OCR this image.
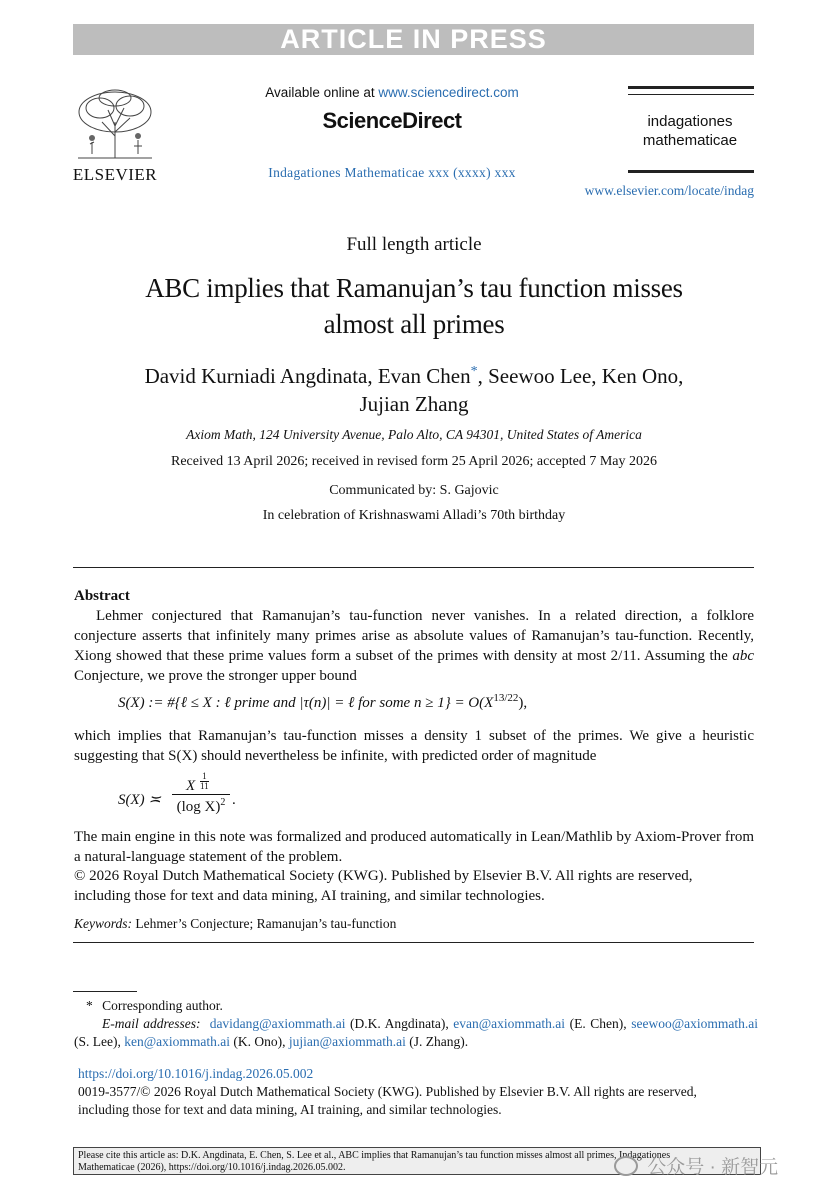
ARTICLE IN PRESS
ELSEVIER
Available online at www.sciencedirect.com
ScienceDirect
Indagationes Mathematicae xxx (xxxx) xxx
indagationes
mathematicae
www.elsevier.com/locate/indag
Full length article
ABC implies that Ramanujan’s tau function misses
almost all primes
David Kurniadi Angdinata, Evan Chen*, Seewoo Lee, Ken Ono,
Jujian Zhang
Axiom Math, 124 University Avenue, Palo Alto, CA 94301, United States of America
Received 13 April 2026; received in revised form 25 April 2026; accepted 7 May 2026
Communicated by: S. Gajovic
In celebration of Krishnaswami Alladi’s 70th birthday
Abstract
Lehmer conjectured that Ramanujan’s tau-function never vanishes. In a related direction, a folklore conjecture asserts that infinitely many primes arise as absolute values of Ramanujan’s tau-function. Recently, Xiong showed that these prime values form a subset of the primes with density at most 2/11. Assuming the abc Conjecture, we prove the stronger upper bound
S(X) := #{ℓ ≤ X : ℓ prime and |τ(n)| = ℓ for some $n \ge 1\} = O(X^{13/22})$,
which implies that Ramanujan’s tau-function misses a density 1 subset of the primes. We give a heuristic suggesting that S(X) should nevertheless be infinite, with predicted order of magnitude
S(X) ≍
X
1
11
(log X)$^2$ .
The main engine in this note was formalized and produced automatically in Lean/Mathlib by Axiom-Prover from a natural-language statement of the problem.
© 2026 Royal Dutch Mathematical Society (KWG). Published by Elsevier B.V. All rights are reserved,
including those for text and data mining, AI training, and similar technologies.
Keywords: Lehmer’s Conjecture; Ramanujan’s tau-function
* Corresponding author.
E-mail addresses: davidang@axiommath.ai (D.K. Angdinata), evan@axiommath.ai (E. Chen), seewoo@axiommath.ai (S. Lee), ken@axiommath.ai (K. Ono), jujian@axiommath.ai (J. Zhang).
https://doi.org/10.1016/j.indag.2026.05.002
0019-3577/© 2026 Royal Dutch Mathematical Society (KWG). Published by Elsevier B.V. All rights are reserved,
including those for text and data mining, AI training, and similar technologies.
Please cite this article as: D.K. Angdinata, E. Chen, S. Lee et al., ABC implies that Ramanujan’s tau function misses almost all primes, Indagationes
Mathematicae (2026), https://doi.org/10.1016/j.indag.2026.05.002.	公众号 · 新智元
